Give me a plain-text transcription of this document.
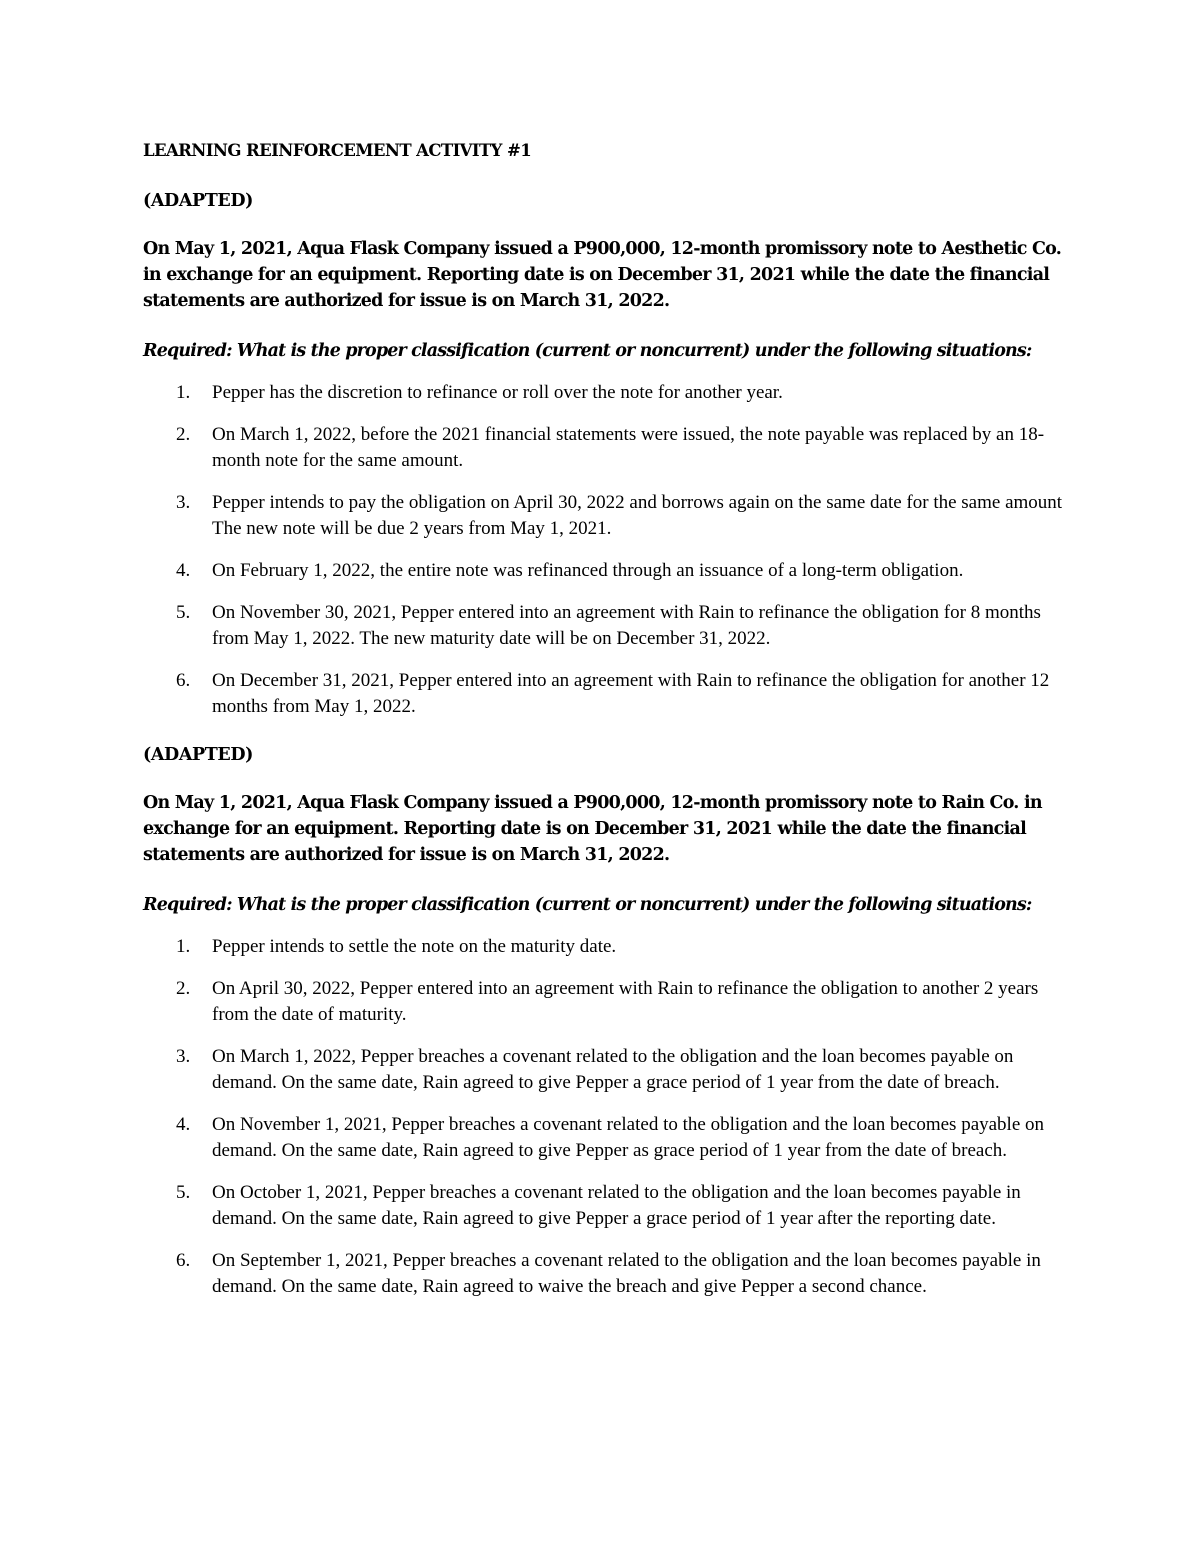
LEARNING REINFORCEMENT ACTIVITY #1
(ADAPTED)
On May 1, 2021, Aqua Flask Company issued a P900,000, 12-month promissory note to Aesthetic Co. in exchange for an equipment. Reporting date is on December 31, 2021 while the date the financial statements are authorized for issue is on March 31, 2022.
Required: What is the proper classification (current or noncurrent) under the following situations:
1. Pepper has the discretion to refinance or roll over the note for another year.
2. On March 1, 2022, before the 2021 financial statements were issued, the note payable was replaced by an 18-month note for the same amount.
3. Pepper intends to pay the obligation on April 30, 2022 and borrows again on the same date for the same amount The new note will be due 2 years from May 1, 2021.
4. On February 1, 2022, the entire note was refinanced through an issuance of a long-term obligation.
5. On November 30, 2021, Pepper entered into an agreement with Rain to refinance the obligation for 8 months from May 1, 2022. The new maturity date will be on December 31, 2022.
6. On December 31, 2021, Pepper entered into an agreement with Rain to refinance the obligation for another 12 months from May 1, 2022.
(ADAPTED)
On May 1, 2021, Aqua Flask Company issued a P900,000, 12-month promissory note to Rain Co. in exchange for an equipment. Reporting date is on December 31, 2021 while the date the financial statements are authorized for issue is on March 31, 2022.
Required: What is the proper classification (current or noncurrent) under the following situations:
1. Pepper intends to settle the note on the maturity date.
2. On April 30, 2022, Pepper entered into an agreement with Rain to refinance the obligation to another 2 years from the date of maturity.
3. On March 1, 2022, Pepper breaches a covenant related to the obligation and the loan becomes payable on demand. On the same date, Rain agreed to give Pepper a grace period of 1 year from the date of breach.
4. On November 1, 2021, Pepper breaches a covenant related to the obligation and the loan becomes payable on demand. On the same date, Rain agreed to give Pepper as grace period of 1 year from the date of breach.
5. On October 1, 2021, Pepper breaches a covenant related to the obligation and the loan becomes payable in demand. On the same date, Rain agreed to give Pepper a grace period of 1 year after the reporting date.
6. On September 1, 2021, Pepper breaches a covenant related to the obligation and the loan becomes payable in demand. On the same date, Rain agreed to waive the breach and give Pepper a second chance.
